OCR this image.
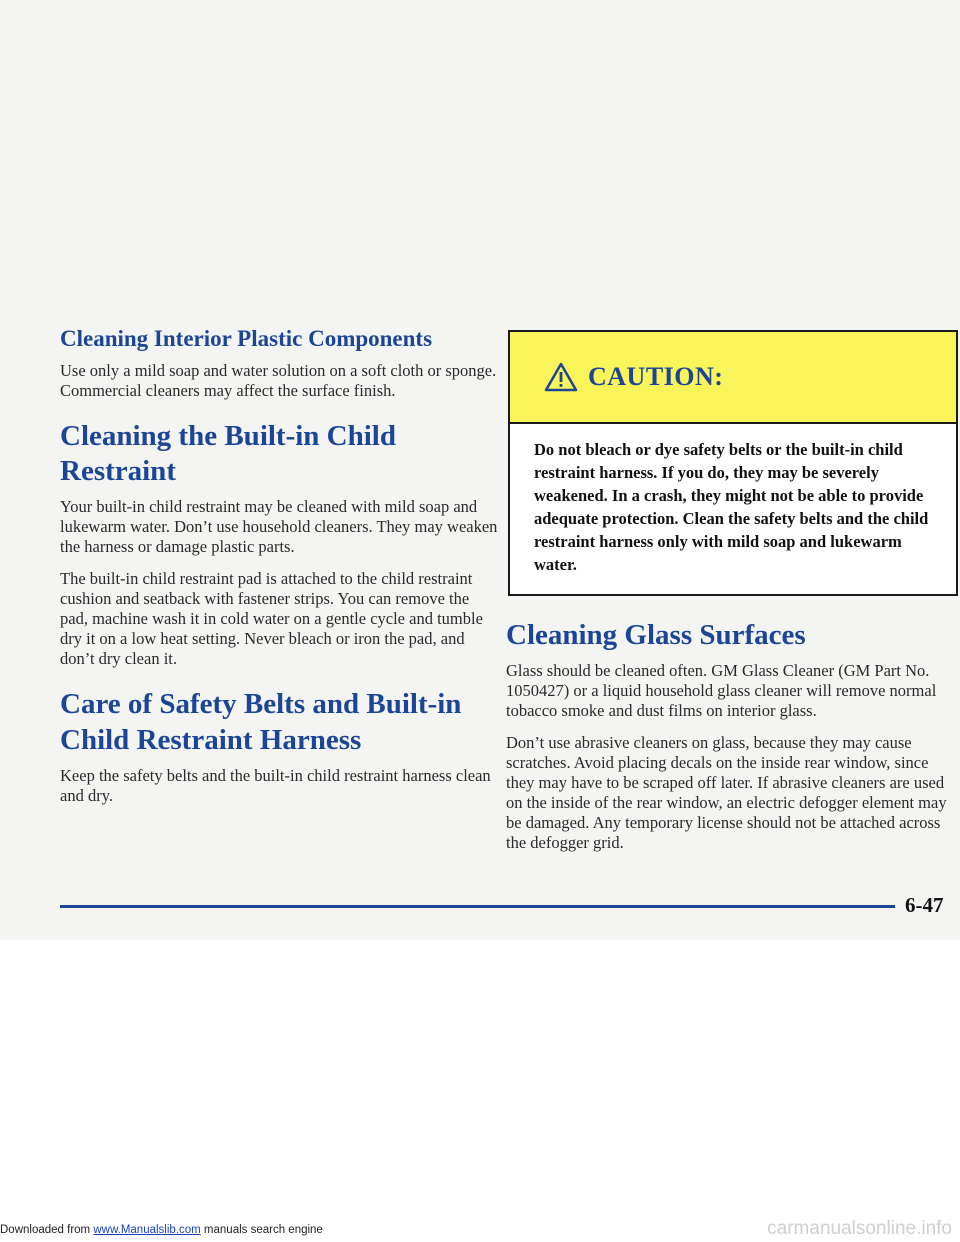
Cleaning Interior Plastic Components

Use only a mild soap and water solution on a soft cloth or sponge. Commercial cleaners may affect the surface finish.

Cleaning the Built-in Child Restraint

Your built-in child restraint may be cleaned with mild soap and lukewarm water. Don’t use household cleaners. They may weaken the harness or damage plastic parts.

The built-in child restraint pad is attached to the child restraint cushion and seatback with fastener strips. You can remove the pad, machine wash it in cold water on a gentle cycle and tumble dry it on a low heat setting. Never bleach or iron the pad, and don’t dry clean it.

Care of Safety Belts and Built-in Child Restraint Harness

Keep the safety belts and the built-in child restraint harness clean and dry.

CAUTION:
Do not bleach or dye safety belts or the built-in child restraint harness. If you do, they may be severely weakened. In a crash, they might not be able to provide adequate protection. Clean the safety belts and the child restraint harness only with mild soap and lukewarm water.
Cleaning Glass Surfaces

Glass should be cleaned often. GM Glass Cleaner (GM Part No. 1050427) or a liquid household glass cleaner will remove normal tobacco smoke and dust films on interior glass.

Don’t use abrasive cleaners on glass, because they may cause scratches. Avoid placing decals on the inside rear window, since they may have to be scraped off later. If abrasive cleaners are used on the inside of the rear window, an electric defogger element may be damaged. Any temporary license should not be attached across the defogger grid.

6-47
Downloaded from www.Manualslib.com manuals search engine	carmanualsonline.info
